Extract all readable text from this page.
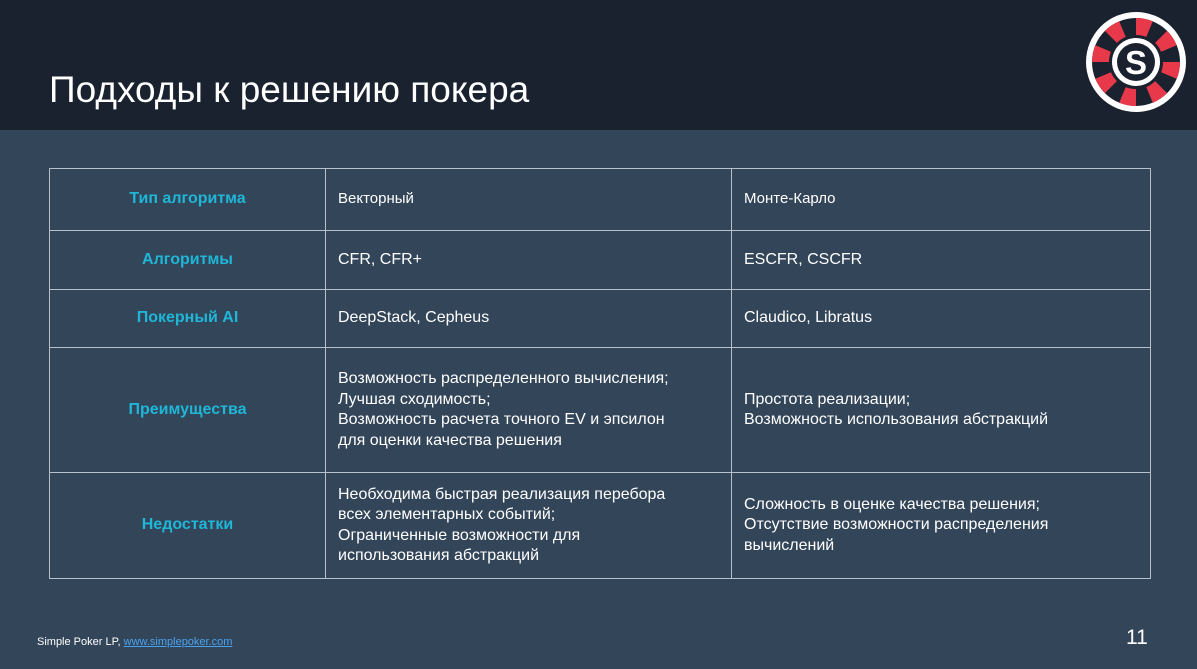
Подходы к решению покера
S
Тип алгоритма	Векторный	Монте-Карло

Алгоритмы	CFR, CFR+	ESCFR, CSCFR

Покерный AI	DeepStack, Cepheus	Claudico, Libratus

Преимущества	Возможность распределенного вычисления;
Лучшая сходимость;
Возможность расчета точного EV и эпсилон
для оценки качества решения	Простота реализации;
Возможность использования абстракций

Недостатки	Необходима быстрая реализация перебора
всех элементарных событий;
Ограниченные возможности для
использования абстракций	Сложность в оценке качества решения;
Отсутствие возможности распределения
вычислений
Simple Poker LP, www.simplepoker.com	11
